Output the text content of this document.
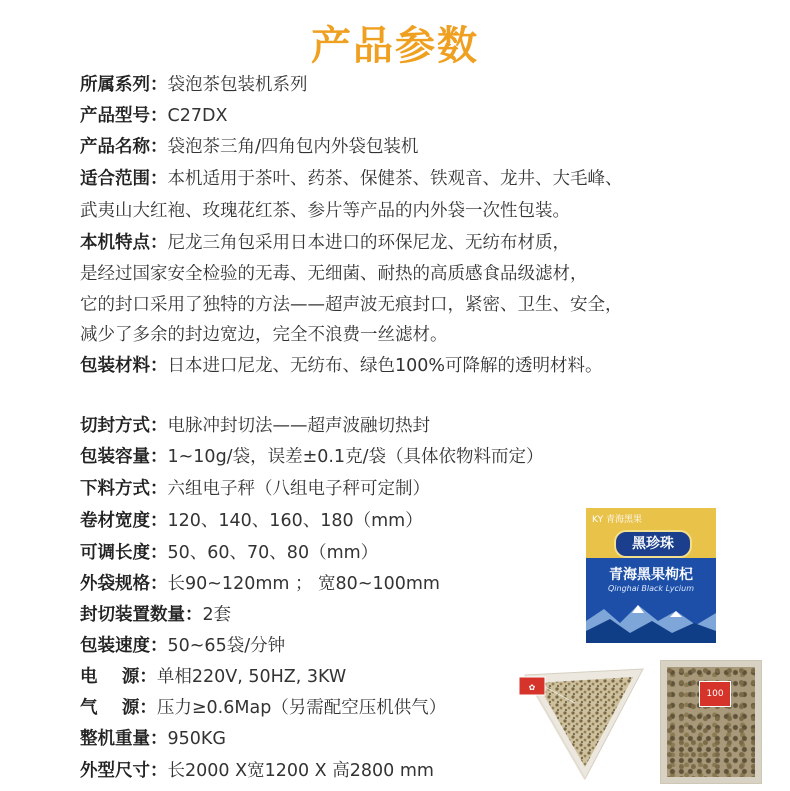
产品参数
所属系列：袋泡茶包装机系列
产品型号：C27DX
产品名称：袋泡茶三角/四角包内外袋包装机
适合范围：本机适用于茶叶、药茶、保健茶、铁观音、龙井、大毛峰、
武夷山大红袍、玫瑰花红茶、参片等产品的内外袋一次性包装。
本机特点：尼龙三角包采用日本进口的环保尼龙、无纺布材质，
是经过国家安全检验的无毒、无细菌、耐热的高质感食品级滤材，
它的封口采用了独特的方法——超声波无痕封口，紧密、卫生、安全，
减少了多余的封边宽边，完全不浪费一丝滤材。
包装材料：日本进口尼龙、无纺布、绿色100%可降解的透明材料。
切封方式：电脉冲封切法——超声波融切热封
包装容量：1~10g/袋，误差±0.1克/袋（具体依物料而定）
下料方式：六组电子秤（八组电子秤可定制）
卷材宽度：120、140、160、180（mm）
可调长度：50、60、70、80（mm）
外袋规格：长90~120mm ； 宽80~100mm
封切装置数量：2套
包装速度：50~65袋/分钟
电    源：单相220V, 50HZ, 3KW
气    源：压力≥0.6Map（另需配空压机供气）
整机重量：950KG
外型尺寸：长2000 X宽1200 X 高2800 mm
KY 青海黑果
黑珍珠
青海黑果枸杞
Qinghai Black Lycium
✿
100
